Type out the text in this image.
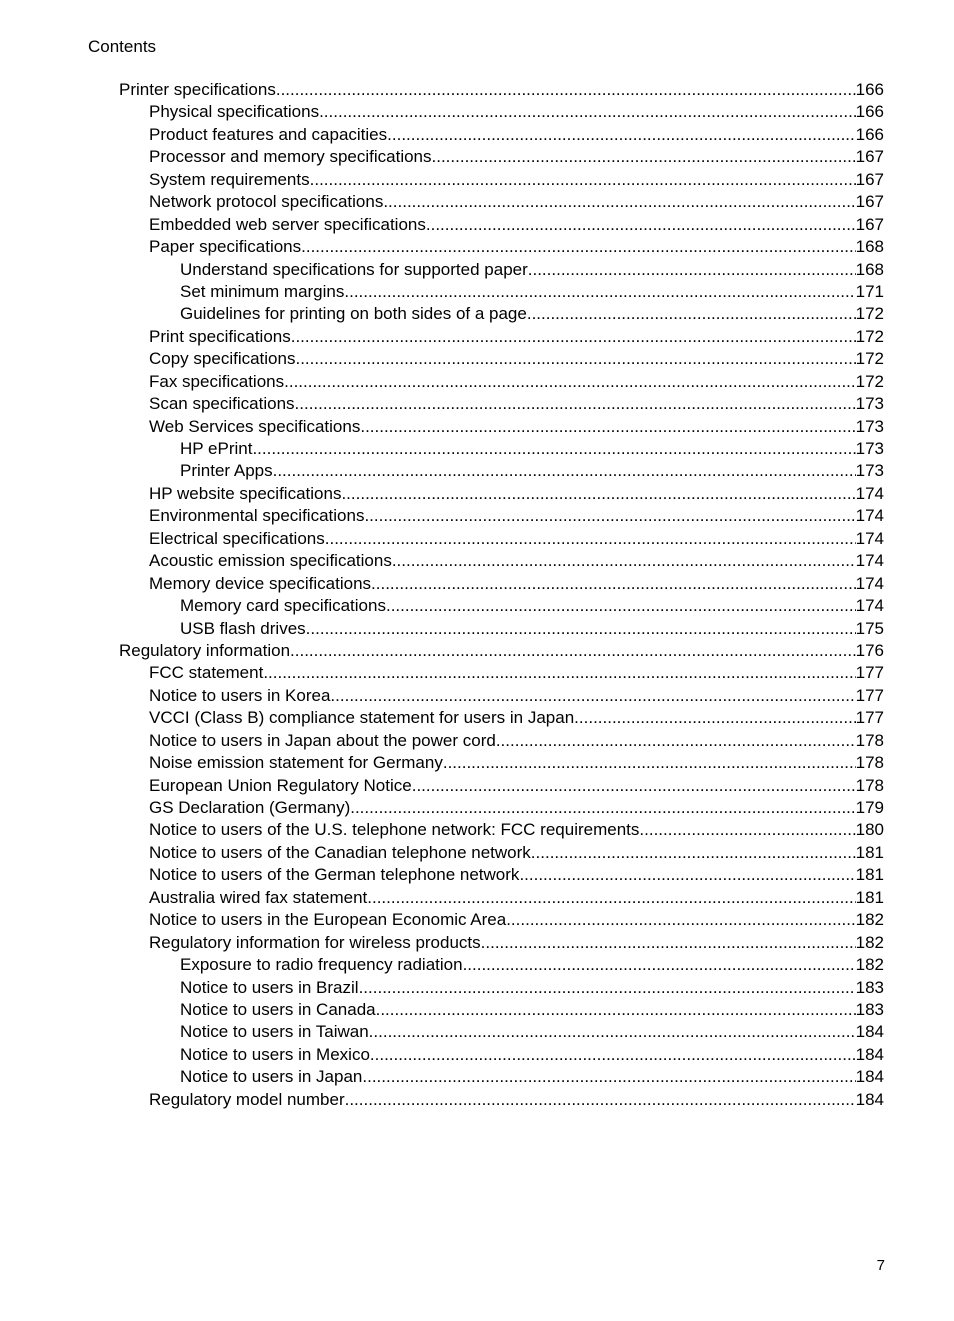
Contents
Printer specifications .....	166
Physical specifications .....	166
Product features and capacities .....	166
Processor and memory specifications .....	167
System requirements .....	167
Network protocol specifications .....	167
Embedded web server specifications .....	167
Paper specifications .....	168
Understand specifications for supported paper .....	168
Set minimum margins .....	171
Guidelines for printing on both sides of a page .....	172
Print specifications .....	172
Copy specifications .....	172
Fax specifications .....	172
Scan specifications .....	173
Web Services specifications .....	173
HP ePrint .....	173
Printer Apps .....	173
HP website specifications .....	174
Environmental specifications .....	174
Electrical specifications .....	174
Acoustic emission specifications .....	174
Memory device specifications .....	174
Memory card specifications .....	174
USB flash drives .....	175
Regulatory information .....	176
FCC statement .....	177
Notice to users in Korea .....	177
VCCI (Class B) compliance statement for users in Japan .....	177
Notice to users in Japan about the power cord .....	178
Noise emission statement for Germany .....	178
European Union Regulatory Notice .....	178
GS Declaration (Germany) .....	179
Notice to users of the U.S. telephone network: FCC requirements .....	180
Notice to users of the Canadian telephone network .....	181
Notice to users of the German telephone network .....	181
Australia wired fax statement .....	181
Notice to users in the European Economic Area .....	182
Regulatory information for wireless products .....	182
Exposure to radio frequency radiation .....	182
Notice to users in Brazil .....	183
Notice to users in Canada .....	183
Notice to users in Taiwan .....	184
Notice to users in Mexico .....	184
Notice to users in Japan .....	184
Regulatory model number .....	184
7
